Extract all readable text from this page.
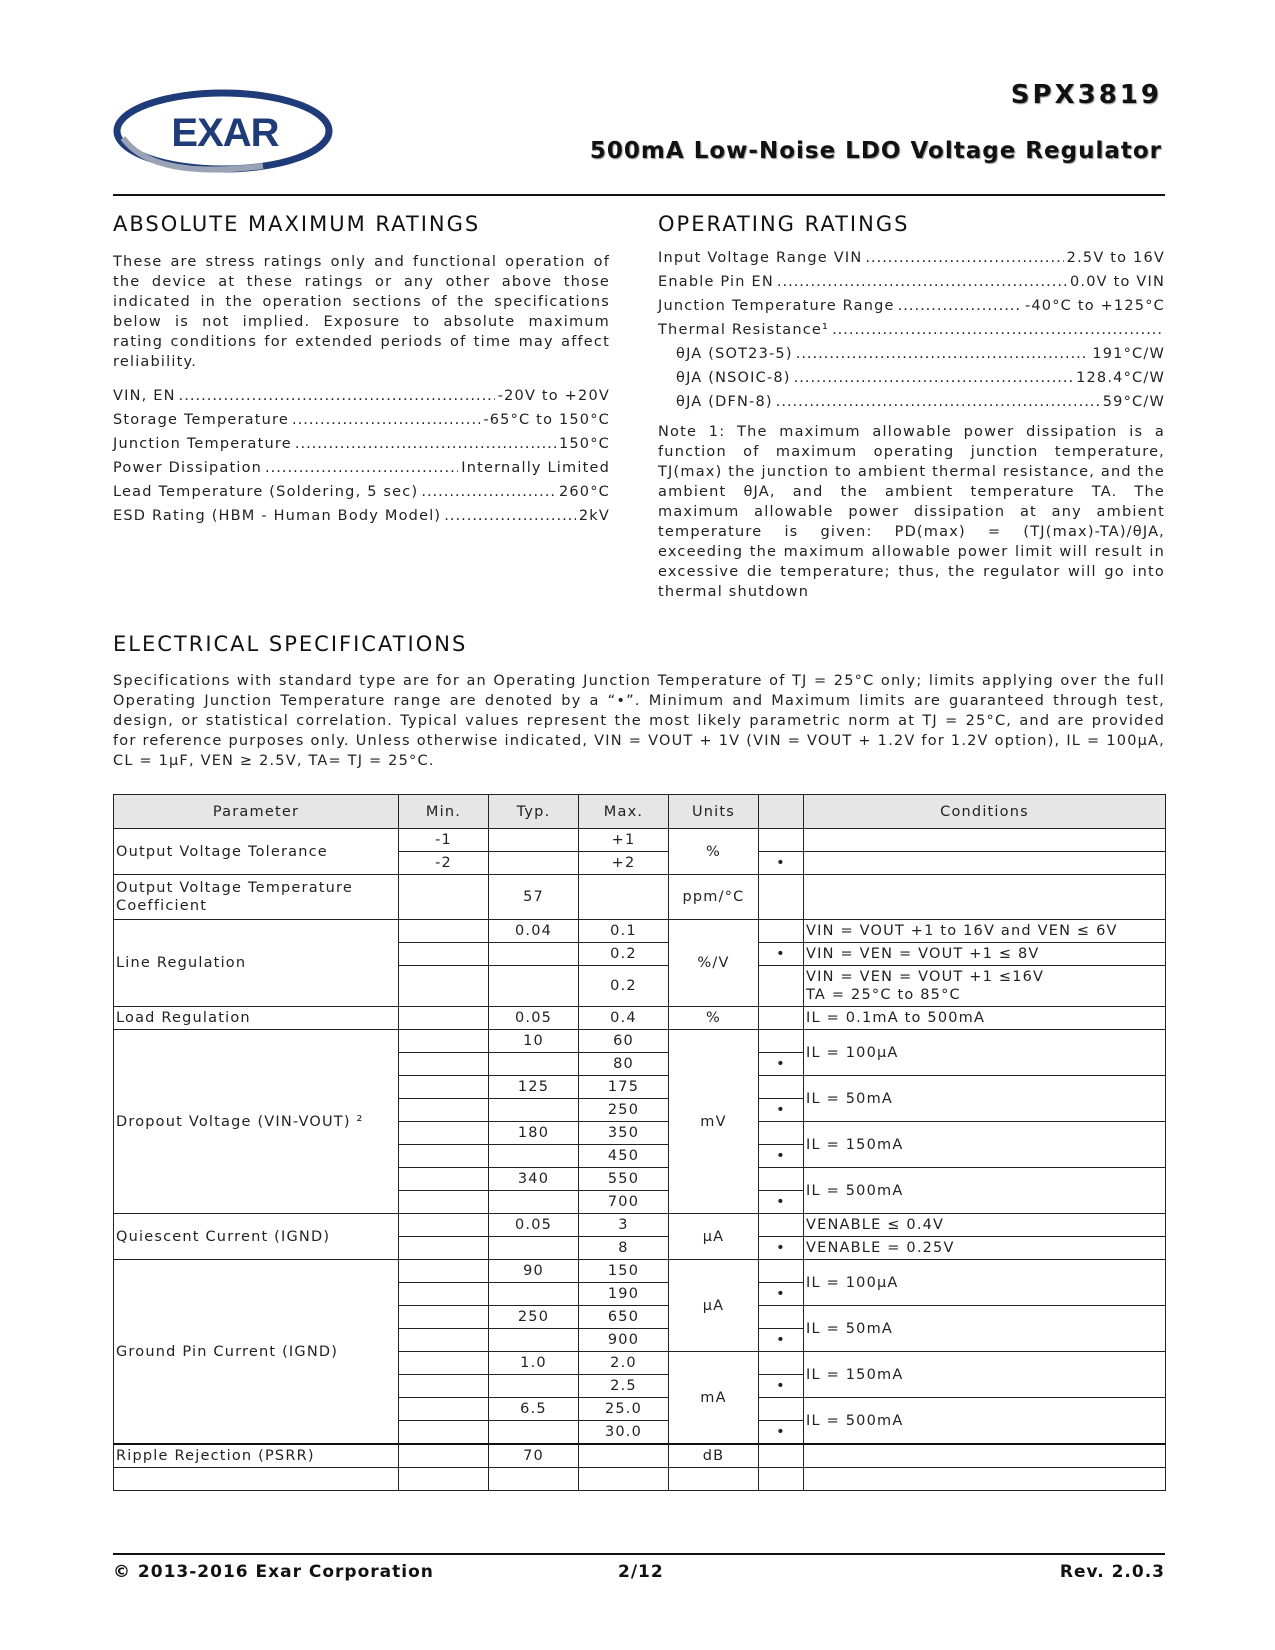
EXAR
SPX3819
500mA Low-Noise LDO Voltage Regulator
ABSOLUTE MAXIMUM RATINGS
These are stress ratings only and functional operation of the device at these ratings or any other above those indicated in the operation sections of the specifications below is not implied. Exposure to absolute maximum rating conditions for extended periods of time may affect reliability.
VIN, EN .....	-20V to +20V
Storage Temperature .....	-65°C to 150°C
Junction Temperature .....	150°C
Power Dissipation .....	Internally Limited
Lead Temperature (Soldering, 5 sec) .....	260°C
ESD Rating (HBM - Human Body Model) .....	2kV
OPERATING RATINGS
Input Voltage Range VIN .....	2.5V to 16V
Enable Pin EN .....	0.0V to VIN
Junction Temperature Range .....	-40°C to +125°C
Thermal Resistance¹
.....
θJA (SOT23-5) .....	191°C/W
θJA (NSOIC-8) .....	128.4°C/W
θJA (DFN-8) .....	59°C/W
Note 1: The maximum allowable power dissipation is a function of maximum operating junction temperature, TJ(max) the junction to ambient thermal resistance, and the ambient θJA, and the ambient temperature TA. The maximum allowable power dissipation at any ambient temperature is given: PD(max) = (TJ(max)-TA)/θJA, exceeding the maximum allowable power limit will result in excessive die temperature; thus, the regulator will go into thermal shutdown
ELECTRICAL SPECIFICATIONS
Specifications with standard type are for an Operating Junction Temperature of TJ = 25°C only; limits applying over the full Operating Junction Temperature range are denoted by a “•”. Minimum and Maximum limits are guaranteed through test, design, or statistical correlation. Typical values represent the most likely parametric norm at TJ = 25°C, and are provided for reference purposes only. Unless otherwise indicated, VIN = VOUT + 1V (VIN = VOUT + 1.2V for 1.2V option), IL = 100µA, CL = 1µF, VEN ≥ 2.5V, TA= TJ = 25°C.
Parameter	Min.	Typ.	Max.	Units		Conditions
Output Voltage Tolerance	-1		+1	%		
	-2		+2		•	
Output Voltage Temperature Coefficient		57		ppm/°C		
Line Regulation		0.04	0.1	%/V		VIN = VOUT +1 to 16V and VEN ≤ 6V
			0.2		•	VIN = VEN = VOUT +1 ≤ 8V
			0.2			VIN = VEN = VOUT +1 ≤16V
TA = 25°C to 85°C
Load Regulation		0.05	0.4	%		IL = 0.1mA to 500mA
Dropout Voltage (VIN-VOUT) ²		10	60	mV		IL = 100µA
			80		•	
		125	175			IL = 50mA
			250		•	
		180	350			IL = 150mA
			450		•	
		340	550			IL = 500mA
			700		•	
Quiescent Current (IGND)		0.05	3	µA		VENABLE ≤ 0.4V
			8		•	VENABLE = 0.25V
Ground Pin Current (IGND)		90	150	µA		IL = 100µA
			190		•	
		250	650			IL = 50mA
			900		•	
		1.0	2.0	mA		IL = 150mA
			2.5		•	
		6.5	25.0			IL = 500mA
			30.0		•	
Ripple Rejection (PSRR)		70		dB		

© 2013-2016 Exar Corporation	2/12	Rev. 2.0.3
